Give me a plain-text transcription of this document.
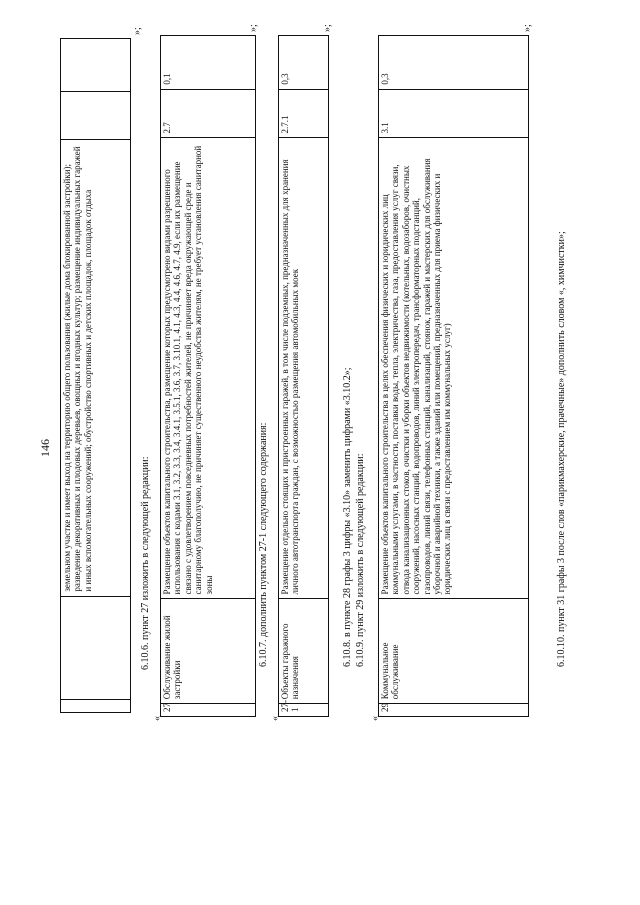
146
		земельном участке и имеет выход на территорию общего пользования (жилые дома блокированной застройки); разведение декоративных и плодовых деревьев, овощных и ягодных культур; размещение индивидуальных гаражей и иных вспомогательных сооружений; обустройство спортивных и детских площадок, площадок отдыха		
»;
6.10.6. пункт 27 изложить в следующей редакции:
«
27	Обслуживание жилой застройки	Размещение объектов капитального строительства, размещение которых предусмотрено видами разрешенного использования с кодами 3.1, 3.2, 3.3, 3.4, 3.4.1, 3.5.1, 3.6, 3.7, 3.10.1, 4.1, 4.3, 4.4, 4.6, 4.7, 4.9, если их размещение связано с удовлетворением повседневных потребностей жителей, не причиняет вреда окружающей среде и санитарному благополучию, не причиняет существенного неудобства жителям, не требует установления санитарной зоны	2.7	0,1
»;
6.10.7. дополнить пунктом 27-1 следующего содержания:
«
27-1	Объекты гаражного назначения	Размещение отдельно стоящих и пристроенных гаражей, в том числе подземных, предназначенных для хранения личного автотранспорта граждан, с возможностью размещения автомобильных моек	2.7.1	0,3
»;
6.10.8. в пункте 28 графы 3 цифры «3.10» заменить цифрами «3.10.2»; 6.10.9. пункт 29 изложить в следующей редакции:
«
29	Коммунальное обслуживание	Размещение объектов капитального строительства в целях обеспечения физических и юридических лиц коммунальными услугами, в частности, поставки воды, тепла, электричества, газа, предоставления услуг связи, отвода канализационных стоков, очистки и уборки объектов недвижимости (котельных, водозаборов, очистных сооружений, насосных станций, водопроводов, линий электропередач, трансформаторных подстанций, газопроводов, линий связи, телефонных станций, канализаций, стоянок, гаражей и мастерских для обслуживания уборочной и аварийной техники, а также зданий или помещений, предназначенных для приема физических и юридических лиц в связи с предоставлением им коммунальных услуг)	3.1	0,3
»;
6.10.10. пункт 31 графы 3 после слов «парикмахерские, прачечные» дополнить словом «, химчистки»;
